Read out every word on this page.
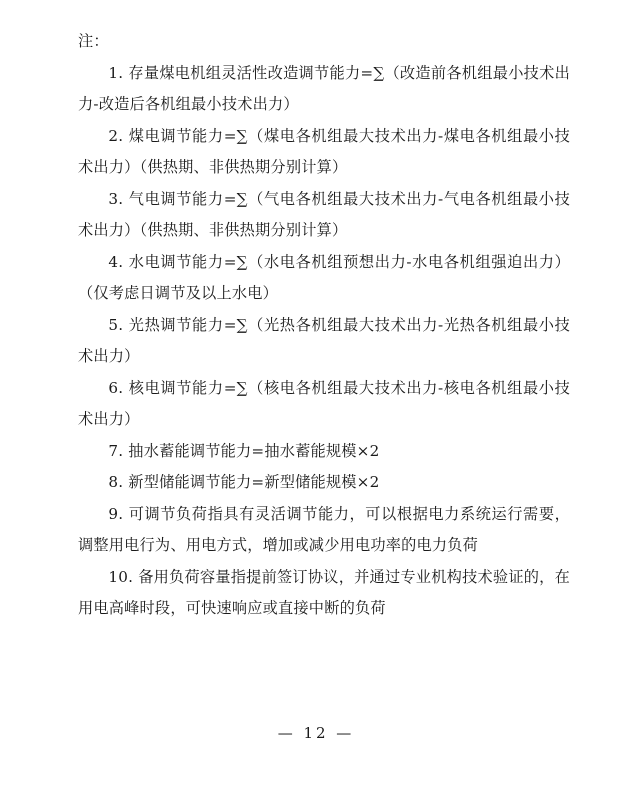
注：

1. 存量煤电机组灵活性改造调节能力=∑（改造前各机组最小技术出力-改造后各机组最小技术出力）

2. 煤电调节能力=∑（煤电各机组最大技术出力-煤电各机组最小技术出力）（供热期、非供热期分别计算）

3. 气电调节能力=∑（气电各机组最大技术出力-气电各机组最小技术出力）（供热期、非供热期分别计算）

4. 水电调节能力=∑（水电各机组预想出力-水电各机组强迫出力）（仅考虑日调节及以上水电）

5. 光热调节能力=∑（光热各机组最大技术出力-光热各机组最小技术出力）

6. 核电调节能力=∑（核电各机组最大技术出力-核电各机组最小技术出力）

7. 抽水蓄能调节能力=抽水蓄能规模×2

8. 新型储能调节能力=新型储能规模×2

9. 可调节负荷指具有灵活调节能力，可以根据电力系统运行需要，调整用电行为、用电方式，增加或减少用电功率的电力负荷

10. 备用负荷容量指提前签订协议，并通过专业机构技术验证的，在用电高峰时段，可快速响应或直接中断的负荷

— 12 —
